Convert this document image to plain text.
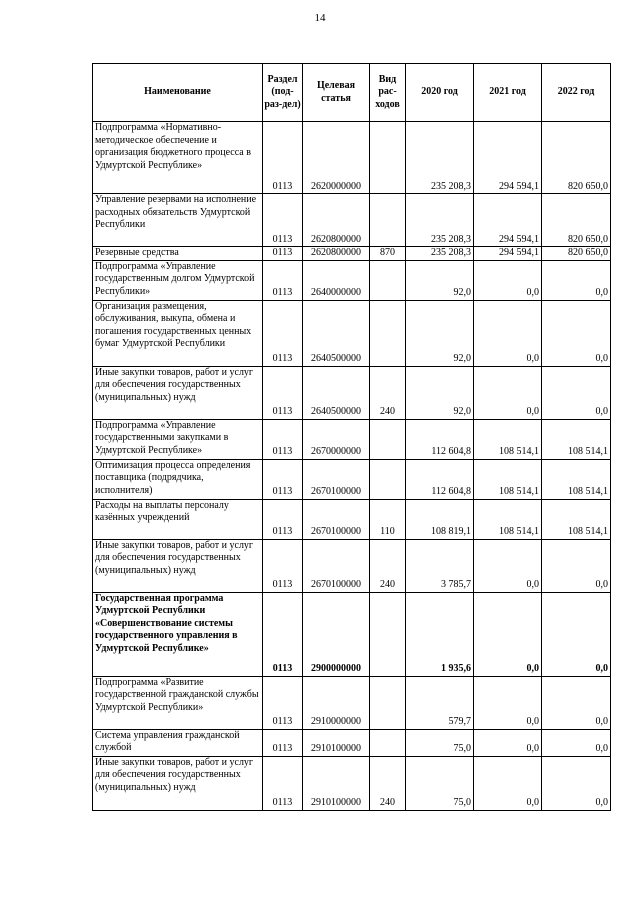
14
Наименование	Раздел (под-раз-дел)	Целевая статья	Вид рас-ходов	2020 год	2021 год	2022 год
Подпрограмма «Нормативно-методическое обеспечение и организация бюджетного процесса в Удмуртской Республике»	0113	2620000000		235 208,3	294 594,1	820 650,0
Управление резервами на исполнение расходных обязательств Удмуртской Республики	0113	2620800000		235 208,3	294 594,1	820 650,0
Резервные средства	0113	2620800000	870	235 208,3	294 594,1	820 650,0
Подпрограмма «Управление государственным долгом Удмуртской Республики»	0113	2640000000		92,0	0,0	0,0
Организация размещения, обслуживания, выкупа, обмена и погашения государственных ценных бумаг Удмуртской Республики	0113	2640500000		92,0	0,0	0,0
Иные закупки товаров, работ и услуг для обеспечения государственных (муниципальных) нужд	0113	2640500000	240	92,0	0,0	0,0
Подпрограмма «Управление государственными закупками в Удмуртской Республике»	0113	2670000000		112 604,8	108 514,1	108 514,1
Оптимизация процесса определения поставщика (подрядчика, исполнителя)	0113	2670100000		112 604,8	108 514,1	108 514,1
Расходы на выплаты персоналу казённых учреждений	0113	2670100000	110	108 819,1	108 514,1	108 514,1
Иные закупки товаров, работ и услуг для обеспечения государственных (муниципальных) нужд	0113	2670100000	240	3 785,7	0,0	0,0
Государственная программа Удмуртской Республики «Совершенствование системы государственного управления в Удмуртской Республике»	0113	2900000000		1 935,6	0,0	0,0
Подпрограмма «Развитие государственной гражданской службы Удмуртской Республики»	0113	2910000000		579,7	0,0	0,0
Система управления гражданской службой	0113	2910100000		75,0	0,0	0,0
Иные закупки товаров, работ и услуг для обеспечения государственных (муниципальных) нужд	0113	2910100000	240	75,0	0,0	0,0
